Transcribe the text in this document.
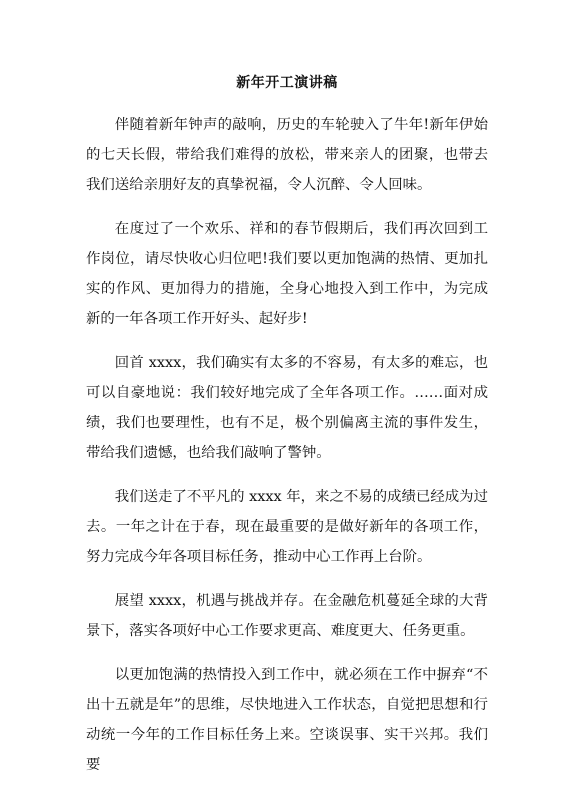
新年开工演讲稿

伴随着新年钟声的敲响，历史的车轮驶入了牛年!新年伊始的七天长假，带给我们难得的放松，带来亲人的团聚，也带去我们送给亲朋好友的真挚祝福，令人沉醉、令人回味。

在度过了一个欢乐、祥和的春节假期后，我们再次回到工作岗位，请尽快收心归位吧!我们要以更加饱满的热情、更加扎实的作风、更加得力的措施，全身心地投入到工作中，为完成新的一年各项工作开好头、起好步!

回首 xxxx，我们确实有太多的不容易，有太多的难忘，也可以自豪地说：我们较好地完成了全年各项工作。……面对成绩，我们也要理性，也有不足，极个别偏离主流的事件发生，带给我们遗憾，也给我们敲响了警钟。

我们送走了不平凡的 xxxx 年，来之不易的成绩已经成为过去。一年之计在于春，现在最重要的是做好新年的各项工作，努力完成今年各项目标任务，推动中心工作再上台阶。

展望 xxxx，机遇与挑战并存。在金融危机蔓延全球的大背景下，落实各项好中心工作要求更高、难度更大、任务更重。

以更加饱满的热情投入到工作中，就必须在工作中摒弃“不出十五就是年”的思维，尽快地进入工作状态，自觉把思想和行动统一今年的工作目标任务上来。空谈误事、实干兴邦。我们要
